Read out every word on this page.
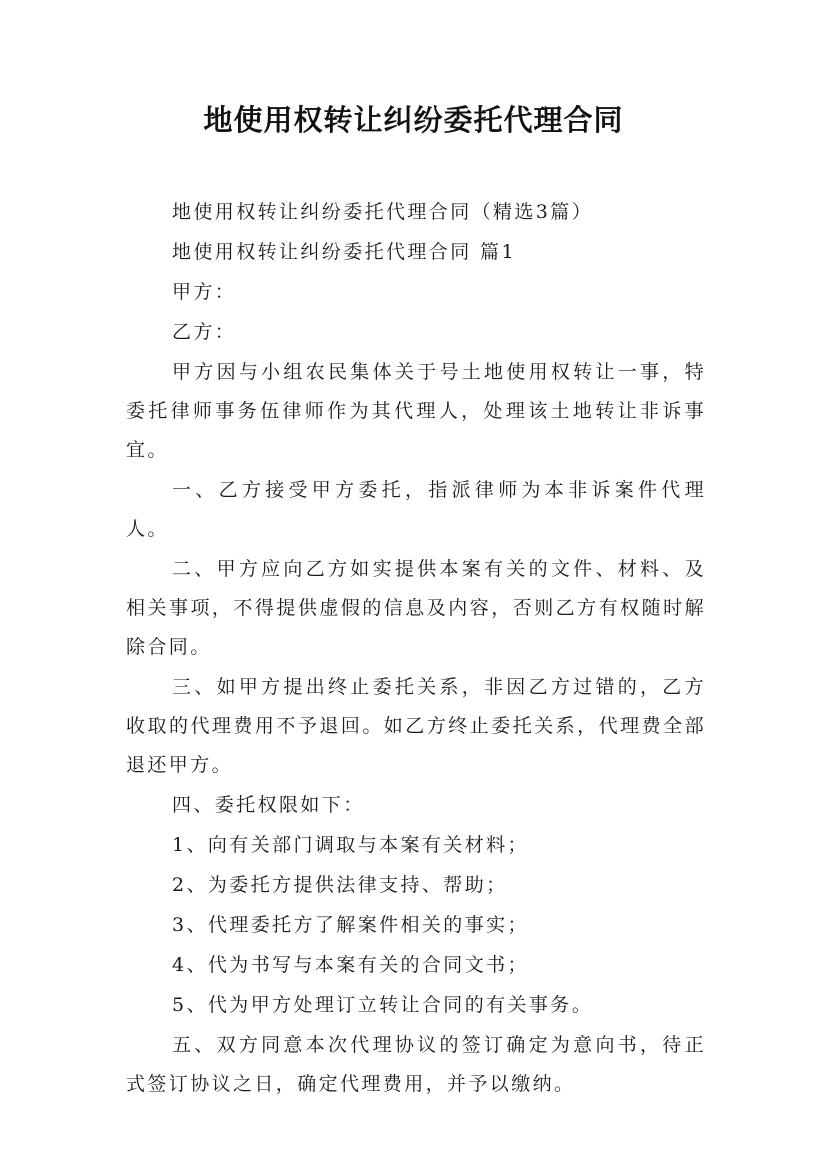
地使用权转让纠纷委托代理合同

地使用权转让纠纷委托代理合同（精选3篇）

地使用权转让纠纷委托代理合同 篇1

甲方：

乙方：

甲方因与小组农民集体关于号土地使用权转让一事，特委托律师事务伍律师作为其代理人，处理该土地转让非诉事宜。

一、乙方接受甲方委托，指派律师为本非诉案件代理人。

二、甲方应向乙方如实提供本案有关的文件、材料、及相关事项，不得提供虚假的信息及内容，否则乙方有权随时解除合同。

三、如甲方提出终止委托关系，非因乙方过错的，乙方收取的代理费用不予退回。如乙方终止委托关系，代理费全部退还甲方。

四、委托权限如下：

1、向有关部门调取与本案有关材料；

2、为委托方提供法律支持、帮助；

3、代理委托方了解案件相关的事实；

4、代为书写与本案有关的合同文书；

5、代为甲方处理订立转让合同的有关事务。

五、双方同意本次代理协议的签订确定为意向书，待正式签订协议之日，确定代理费用，并予以缴纳。
